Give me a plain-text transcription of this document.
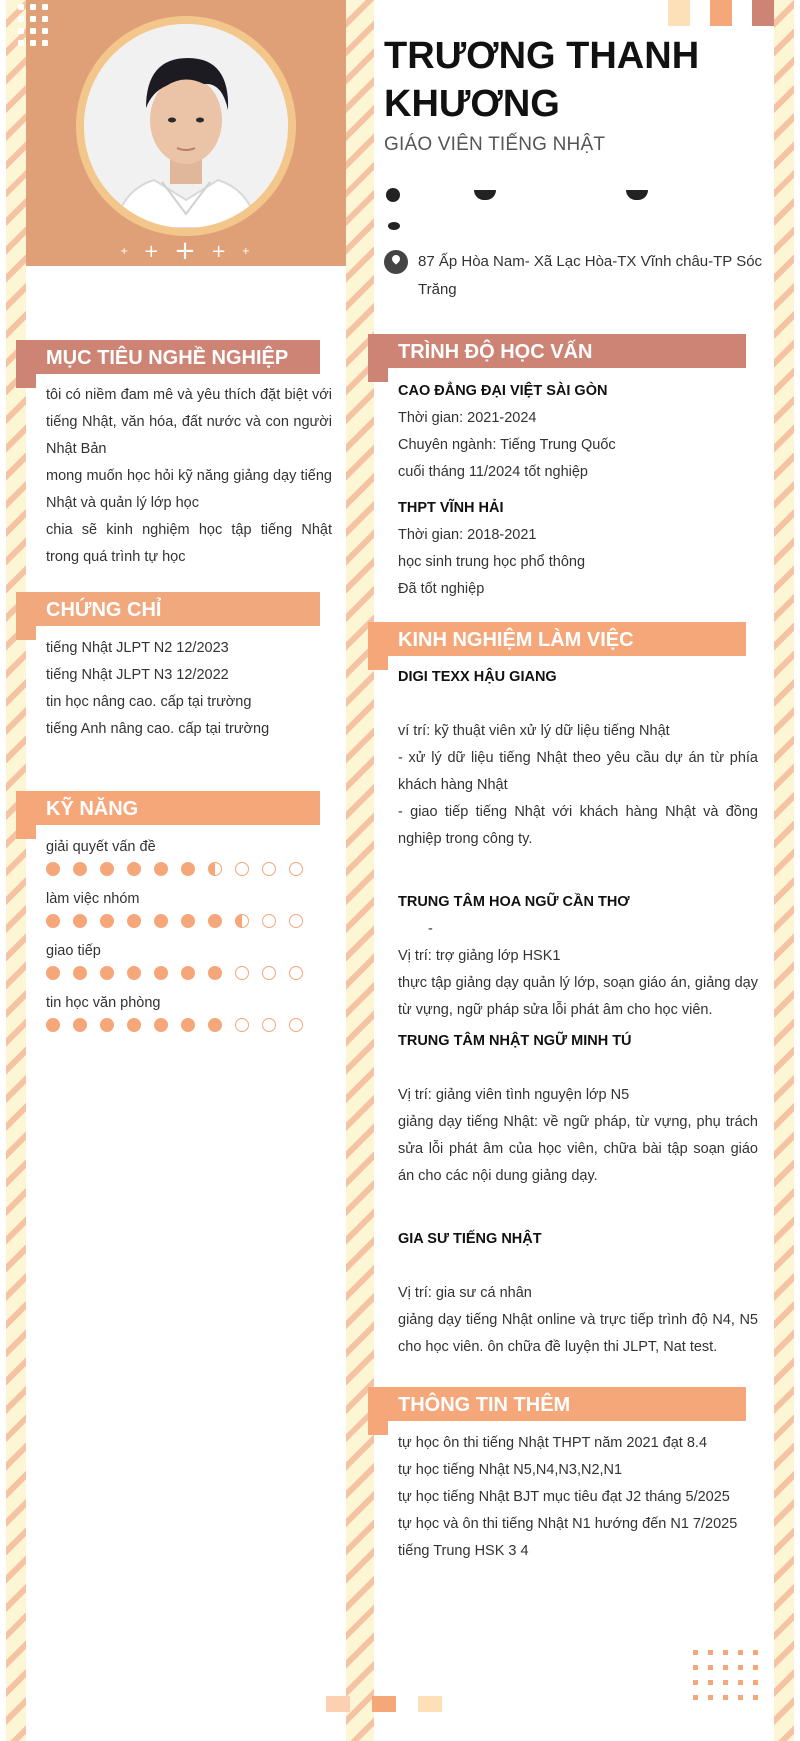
+ + + + +
TRƯƠNG THANH KHƯƠNG
GIÁO VIÊN TIẾNG NHẬT
87 Ấp Hòa Nam- Xã Lạc Hòa-TX Vĩnh châu-TP Sóc Trăng
MỤC TIÊU NGHỀ NGHIỆP

tôi có niềm đam mê và yêu thích đặt biệt với tiếng Nhật, văn hóa, đất nước và con người Nhật Bản

mong muốn học hỏi kỹ năng giảng dạy tiếng Nhật và quản lý lớp học

chia sẽ kinh nghiệm học tập tiếng Nhật trong quá trình tự học

CHỨNG CHỈ

tiếng Nhật JLPT N2 12/2023

tiếng Nhật JLPT N3 12/2022

tin học nâng cao. cấp tại trường

tiếng Anh nâng cao. cấp tại trường

KỸ NĂNG
giải quyết vấn đề
làm việc nhóm
giao tiếp
tin học văn phòng
TRÌNH ĐỘ HỌC VẤN

CAO ĐẲNG ĐẠI VIỆT SÀI GÒN

Thời gian: 2021-2024

Chuyên ngành: Tiếng Trung Quốc

cuối tháng 11/2024 tốt nghiệp

THPT VĨNH HẢI

Thời gian: 2018-2021

học sinh trung học phổ thông

Đã tốt nghiệp

KINH NGHIỆM LÀM VIỆC

DIGI TEXX HẬU GIANG

ví trí: kỹ thuật viên xử lý dữ liệu tiếng Nhật

- xử lý dữ liệu tiếng Nhật theo yêu cầu dự án từ phía khách hàng Nhật

- giao tiếp tiếng Nhật với khách hàng Nhật và đồng nghiệp trong công ty.

TRUNG TÂM HOA NGỮ CẦN THƠ

-

Vị trí: trợ giảng lớp HSK1

thực tập giảng dạy quản lý lớp, soạn giáo án, giảng dạy từ vựng, ngữ pháp sửa lỗi phát âm cho học viên.

TRUNG TÂM NHẬT NGỮ MINH TÚ

Vị trí: giảng viên tình nguyện lớp N5

giảng dạy tiếng Nhật: về ngữ pháp, từ vựng, phụ trách sửa lỗi phát âm của học viên, chữa bài tập soạn giáo án cho các nội dung giảng dạy.

GIA SƯ TIẾNG NHẬT

Vị trí: gia sư cá nhân

giảng dạy tiếng Nhật online và trực tiếp trình độ N4, N5 cho học viên. ôn chữa đề luyện thi JLPT, Nat test.

THÔNG TIN THÊM

tự học ôn thi tiếng Nhật THPT năm 2021 đạt 8.4

tự học tiếng Nhật N5,N4,N3,N2,N1

tự học tiếng Nhật BJT mục tiêu đạt J2 tháng 5/2025

tự học và ôn thi tiếng Nhật N1 hướng đến N1 7/2025

tiếng Trung HSK 3 4
